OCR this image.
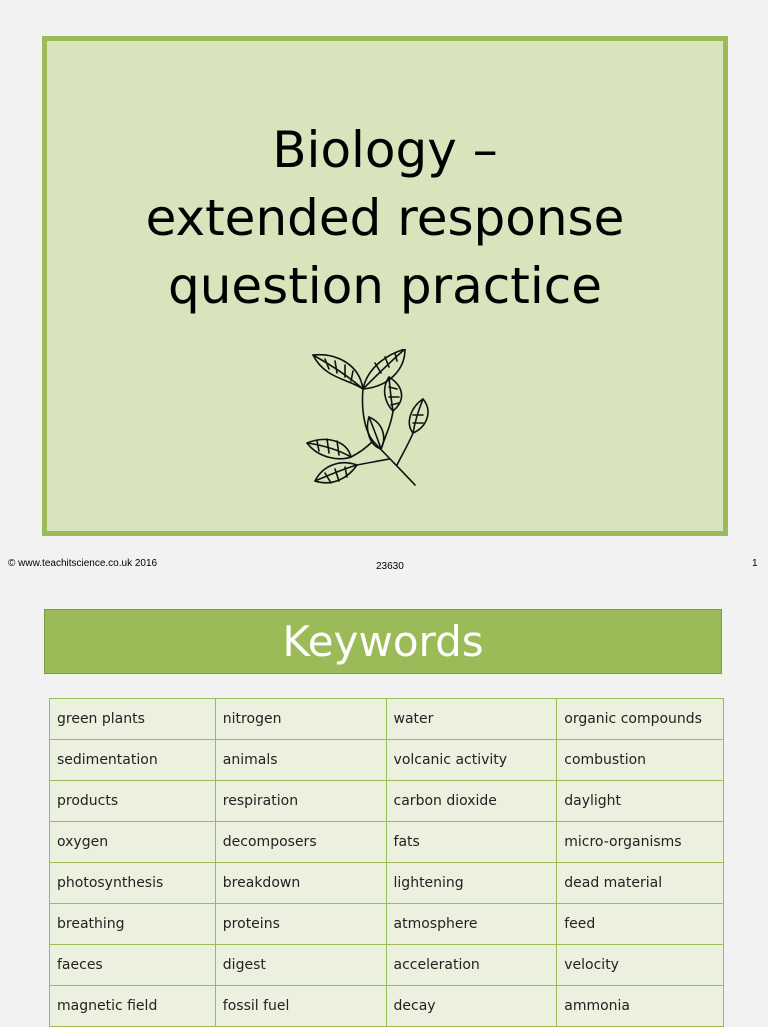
Biology –
extended response
question practice
© www.teachitscience.co.uk 2016	23630	1
Keywords
green plants	nitrogen	water	organic compounds
sedimentation	animals	volcanic activity	combustion
products	respiration	carbon dioxide	daylight
oxygen	decomposers	fats	micro-organisms
photosynthesis	breakdown	lightening	dead material
breathing	proteins	atmosphere	feed
faeces	digest	acceleration	velocity
magnetic field	fossil fuel	decay	ammonia
